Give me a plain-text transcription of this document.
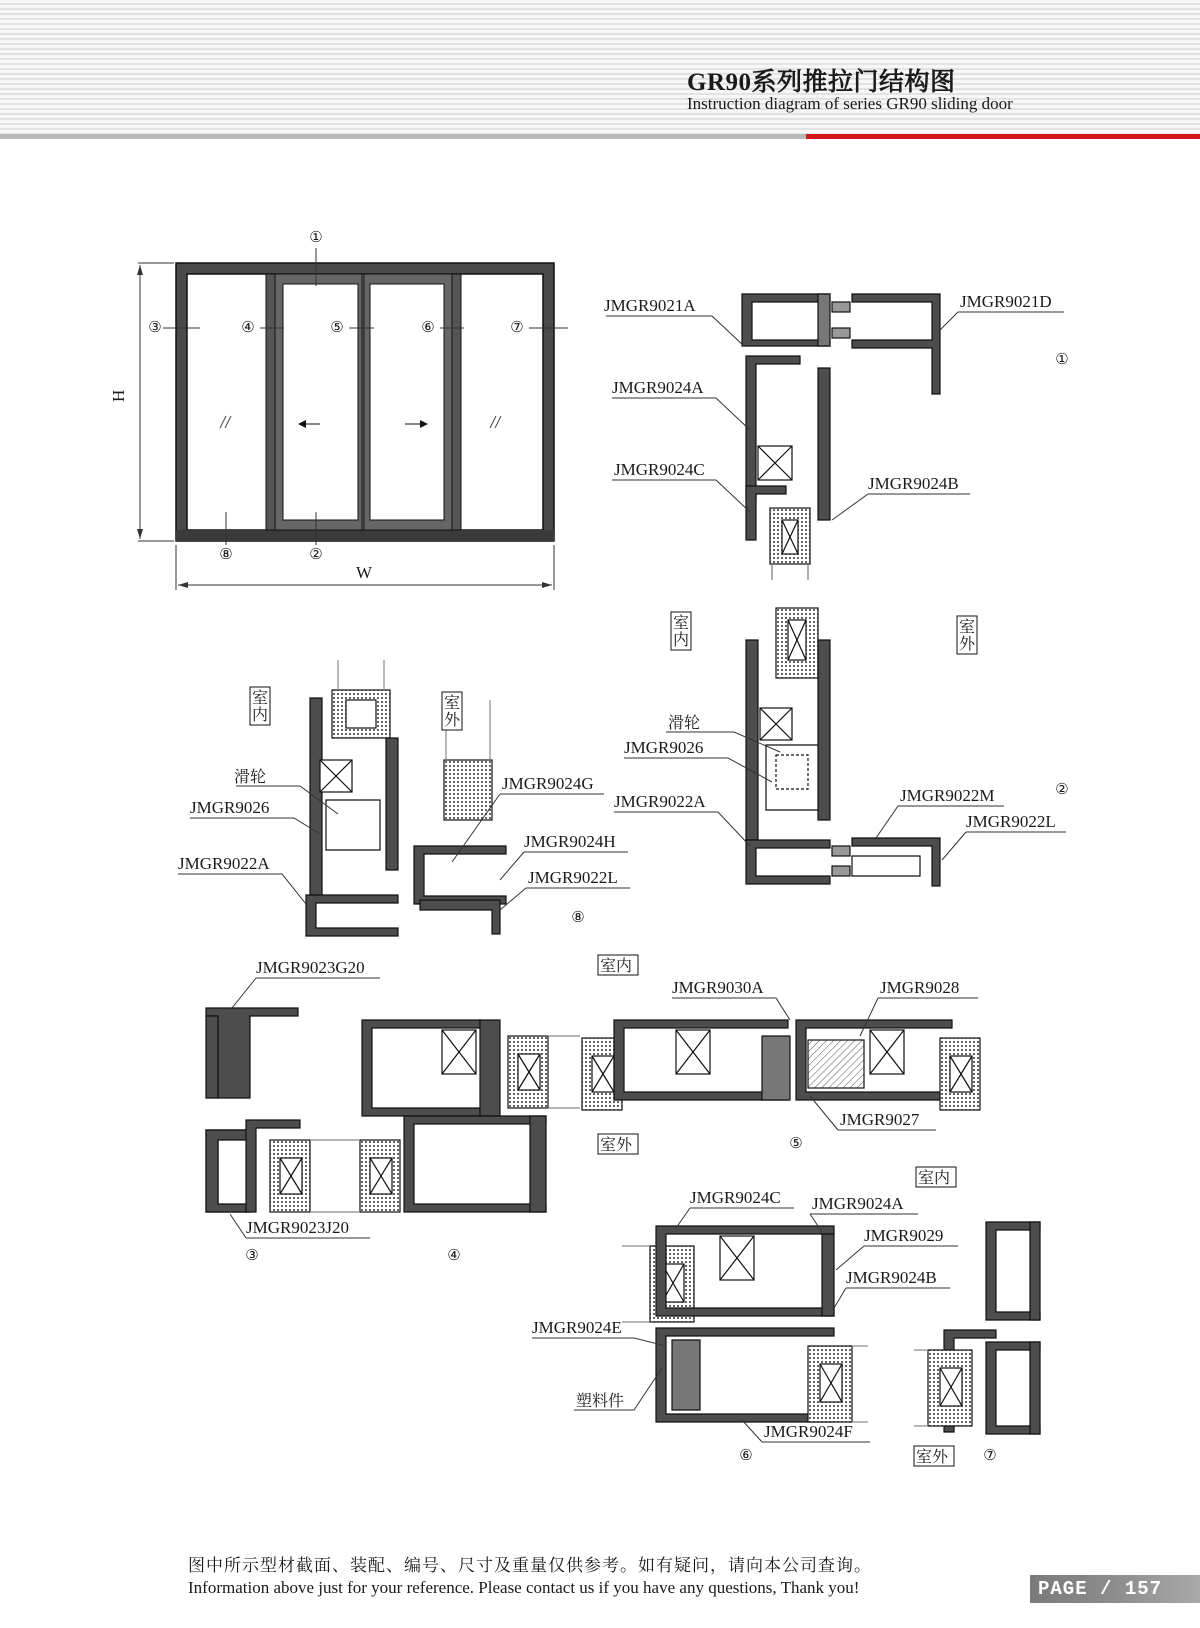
GR90系列推拉门结构图
Instruction diagram of series GR90 sliding door
H
W
①
③	④	⑤	⑥	⑦
⑧	②
JMGR9021A	JMGR9021D
JMGR9024A
JMGR9024C
JMGR9024B
①
室内
室外
滑轮
JMGR9026
JMGR9022A	JMGR9022M
JMGR9022L
②
室内
室外
滑轮
JMGR9026
JMGR9022A
JMGR9024G
JMGR9024H
JMGR9022L
⑧
JMGR9023G20
JMGR9023J20
③	④
室内
室外
JMGR9030A	JMGR9028
JMGR9027
⑤
JMGR9024C JMGR9024A
JMGR9029
JMGR9024B
JMGR9024E
塑料件
JMGR9024F
⑥
室内
室外 ⑦
图中所示型材截面、装配、编号、尺寸及重量仅供参考。如有疑问，请向本公司查询。
Information above just for your reference. Please contact us if you have any questions, Thank you!	PAGE / 157
